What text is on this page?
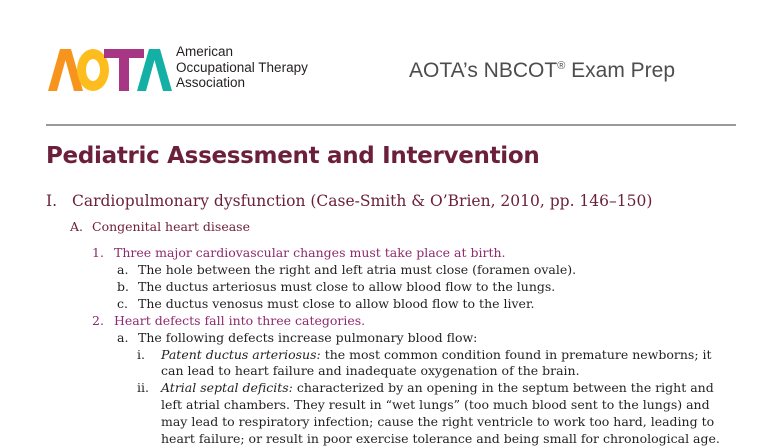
American
Occupational Therapy
Association
AOTA’s NBCOT® Exam Prep
Pediatric Assessment and Intervention
I. Cardiopulmonary dysfunction (Case-Smith & O’Brien, 2010, pp. 146–150)
A. Congenital heart disease
1. Three major cardiovascular changes must take place at birth.
a. The hole between the right and left atria must close (foramen ovale).
b. The ductus arteriosus must close to allow blood flow to the lungs.
c. The ductus venosus must close to allow blood flow to the liver.
2. Heart defects fall into three categories.
a. The following defects increase pulmonary blood flow:
i. Patent ductus arteriosus: the most common condition found in premature newborns; it
can lead to heart failure and inadequate oxygenation of the brain.
ii. Atrial septal deficits: characterized by an opening in the septum between the right and
left atrial chambers. They result in “wet lungs” (too much blood sent to the lungs) and
may lead to respiratory infection; cause the right ventricle to work too hard, leading to
heart failure; or result in poor exercise tolerance and being small for chronological age.
